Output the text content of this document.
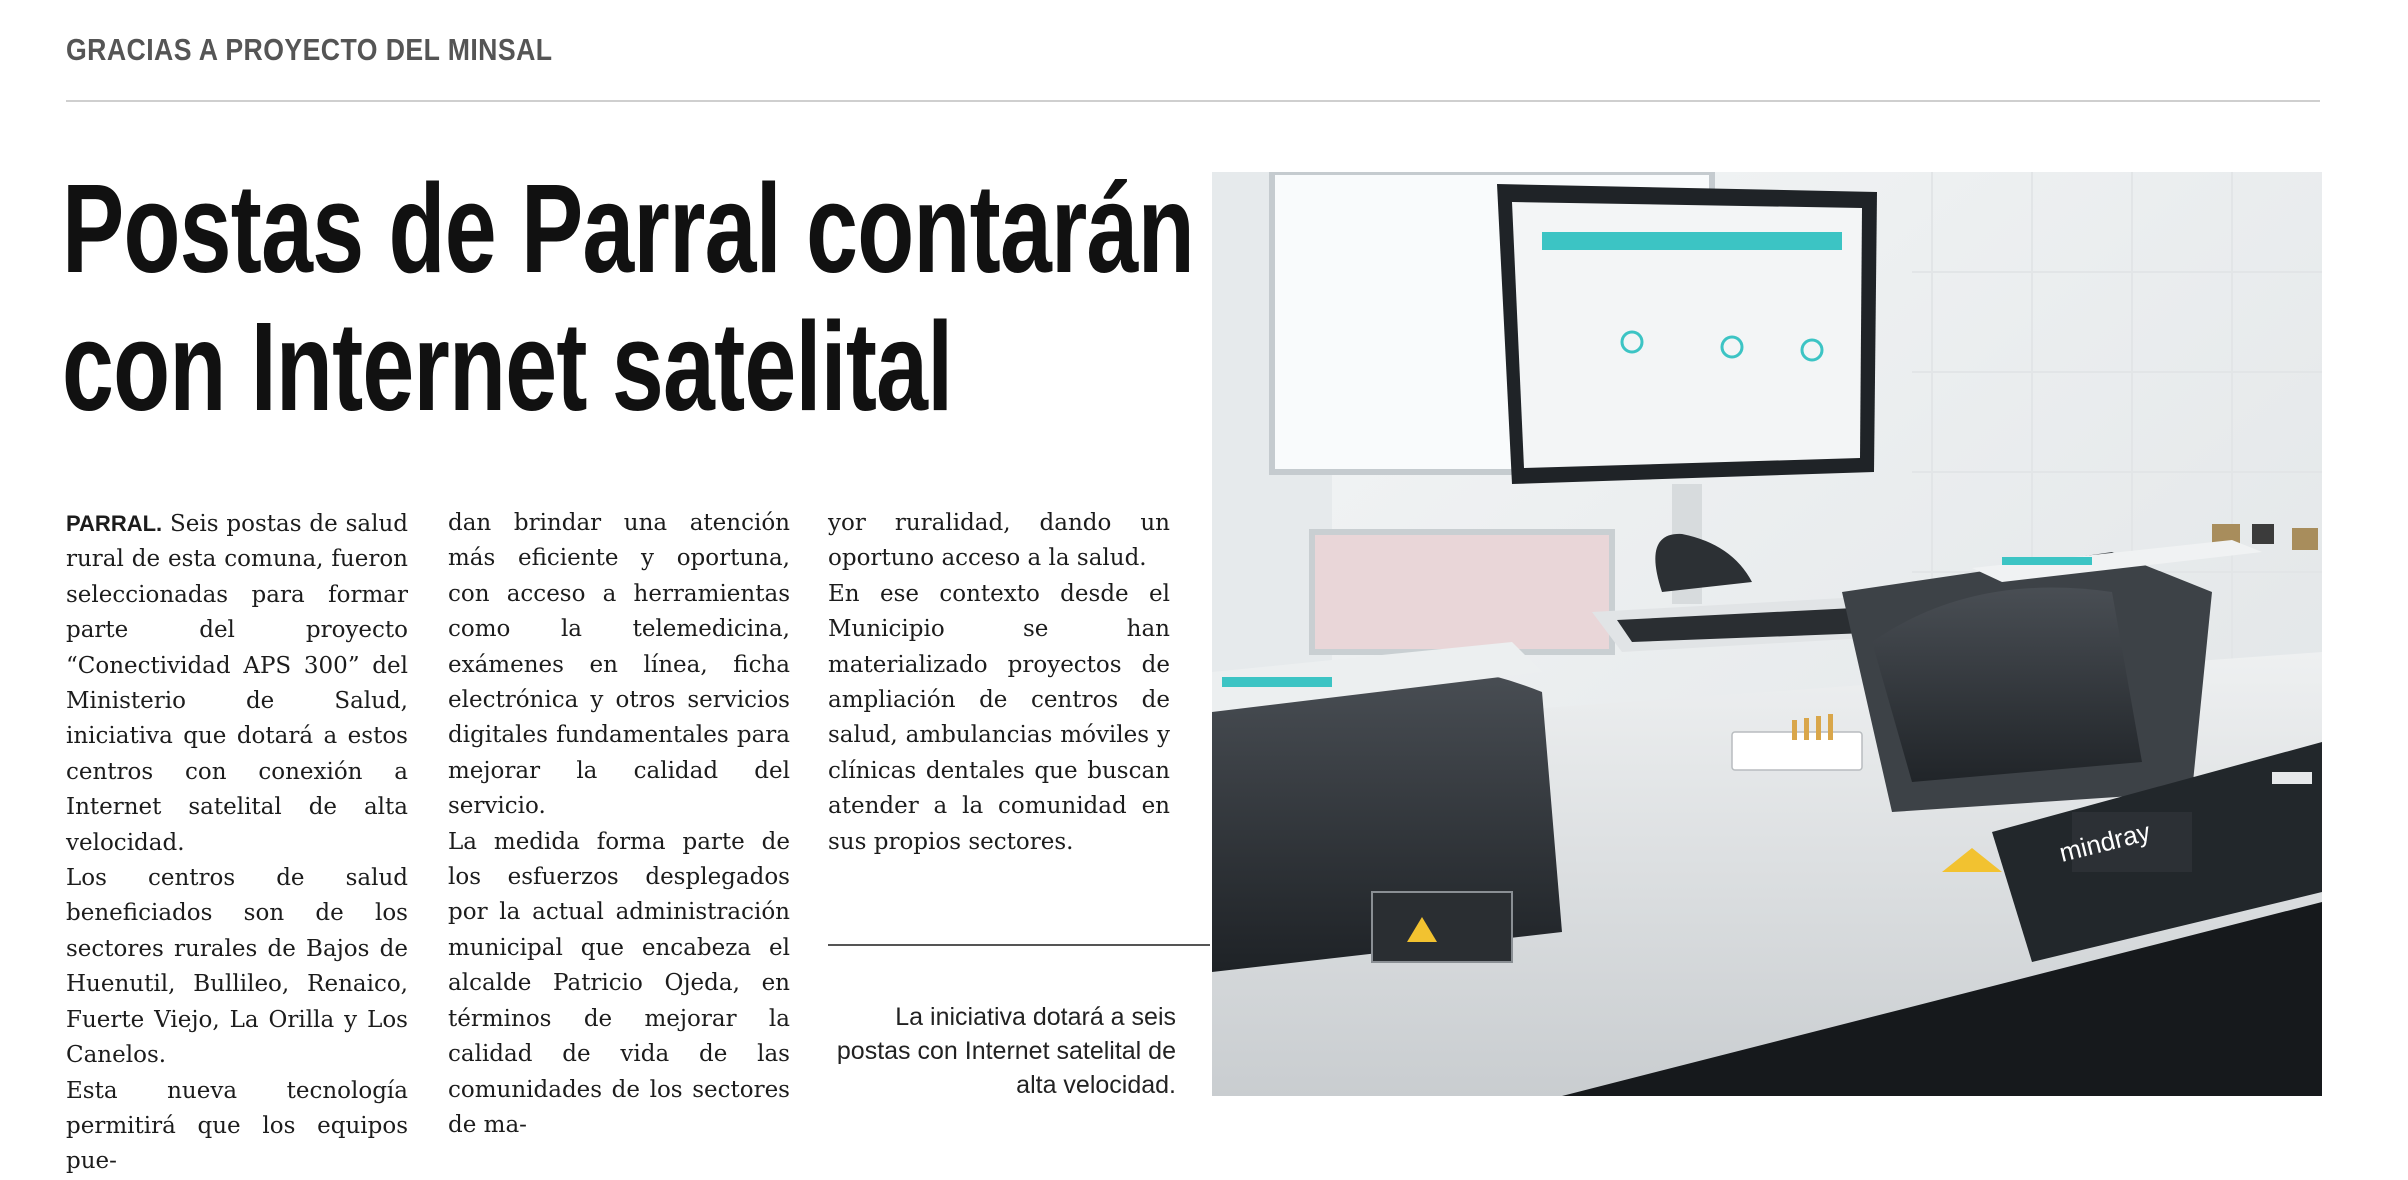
GRACIAS A PROYECTO DEL MINSAL
Postas de Parral contarán
con Internet satelital

PARRAL. Seis postas de salud rural de esta comuna, fueron seleccionadas para formar parte del proyecto “Conectividad APS 300” del Ministerio de Salud, iniciativa que dotará a estos centros con conexión a Internet satelital de alta velocidad.

Los centros de salud beneficiados son de los sectores rurales de Bajos de Huenutil, Bullileo, Renaico, Fuerte Viejo, La Orilla y Los Canelos.

Esta nueva tecnología permitirá que los equipos pue-

dan brindar una atención más eficiente y oportuna, con acceso a herramientas como la telemedicina, exámenes en línea, ficha electrónica y otros servicios digitales fundamentales para mejorar la calidad del servicio.

La medida forma parte de los esfuerzos desplegados por la actual administración municipal que encabeza el alcalde Patricio Ojeda, en términos de mejorar la calidad de vida de las comunidades de los sectores de ma-

yor ruralidad, dando un oportuno acceso a la salud.

En ese contexto desde el Municipio se han materializado proyectos de ampliación de centros de salud, ambulancias móviles y clínicas dentales que buscan atender a la comunidad en sus propios sectores.

La iniciativa dotará a seis postas con Internet satelital de alta velocidad.
mindray
